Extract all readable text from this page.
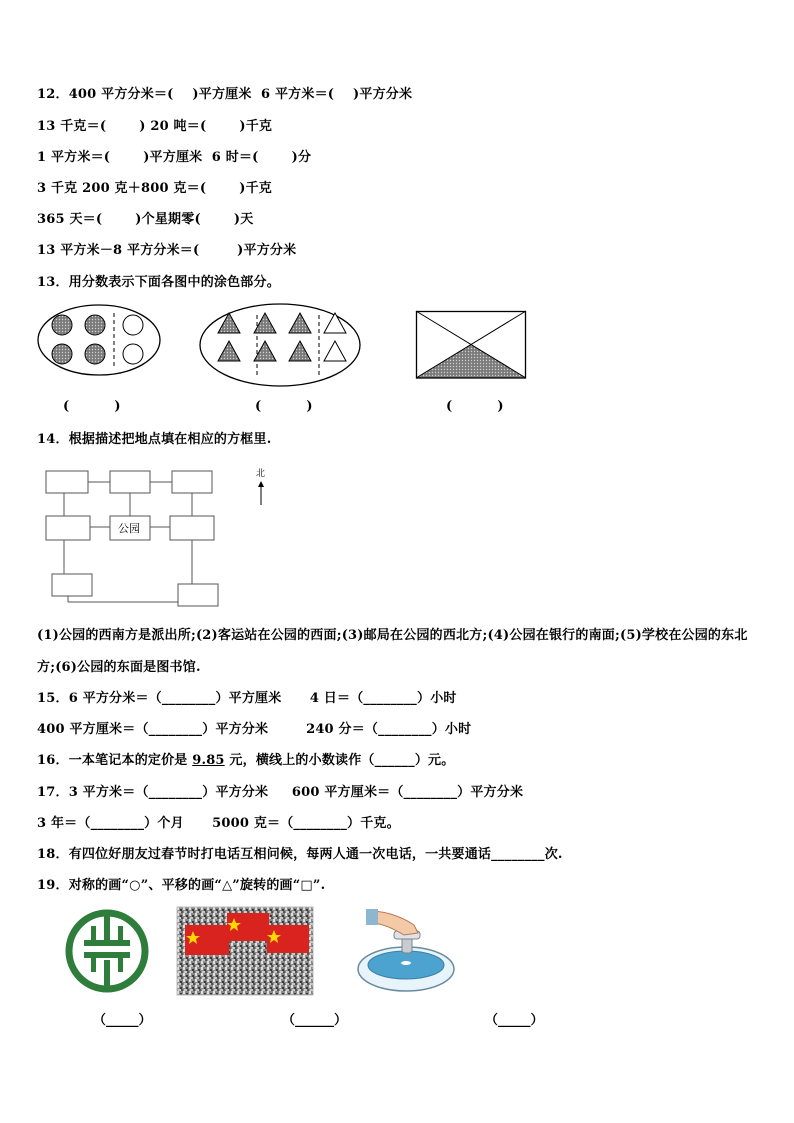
12．400 平方分米＝(    )平方厘米  6 平方米＝(    )平方分米
13 千克＝(       ) 20 吨＝(       )千克
1 平方米＝(       )平方厘米  6 时＝(       )分
3 千克 200 克＋800 克＝(       )千克
365 天＝(       )个星期零(       )天
13 平方米－8 平方分米＝(        )平方分米
13．用分数表示下面各图中的涂色部分。
(          )	(          )	(          )
14．根据描述把地点填在相应的方框里.
公园
北
(1)公园的西南方是派出所;(2)客运站在公园的西面;(3)邮局在公园的西北方;(4)公园在银行的南面;(5)学校在公园的东北
方;(6)公园的东面是图书馆.
15．6 平方分米＝（________）平方厘米      4 日＝（________）小时
400 平方厘米＝（________）平方分米        240 分＝（________）小时
16．一本笔记本的定价是 9.85 元，横线上的小数读作（______）元。
17．3 平方米＝（________）平方分米     600 平方厘米＝（________）平方分米
3 年＝（________）个月      5000 克＝（________）千克。
18．有四位好朋友过春节时打电话互相问候，每两人通一次电话，一共要通话________次.
19．对称的画“○”、平移的画“△”旋转的画“□”.
（_____）	（______）	（_____）
